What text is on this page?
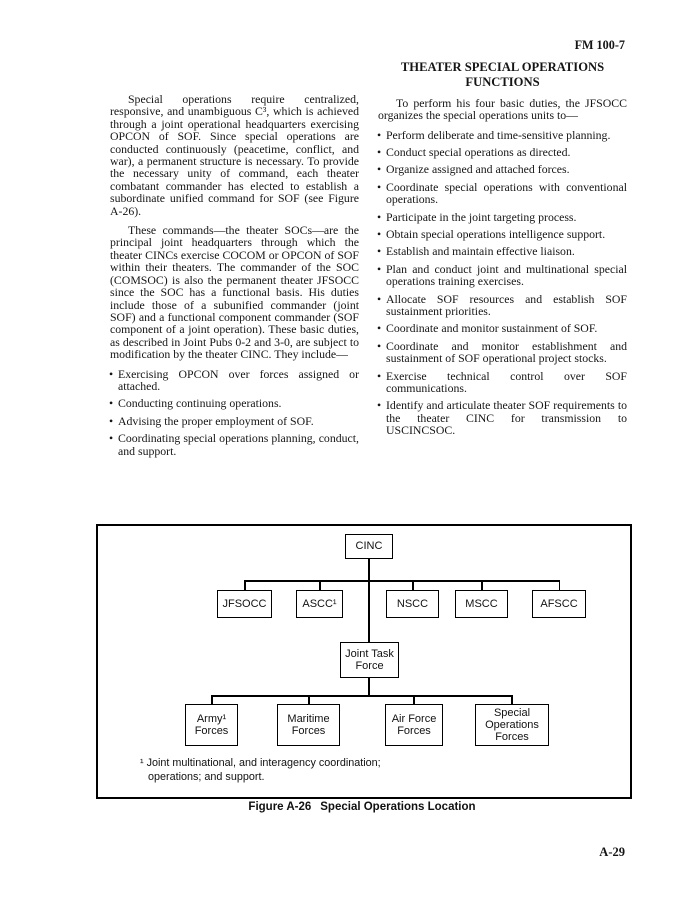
FM 100-7

Special operations require centralized, responsive, and unambiguous C³, which is achieved through a joint operational headquarters exercising OPCON of SOF. Since special operations are conducted continuously (peacetime, conflict, and war), a permanent structure is necessary. To provide the necessary unity of command, each theater combatant commander has elected to establish a subordinate unified command for SOF (see Figure A-26).

These commands—the theater SOCs—are the principal joint headquarters through which the theater CINCs exercise COCOM or OPCON of SOF within their theaters. The commander of the SOC (COMSOC) is also the permanent theater JFSOCC since the SOC has a functional basis. His duties include those of a subunified commander (joint SOF) and a functional component commander (SOF component of a joint operation). These basic duties, as described in Joint Pubs 0-2 and 3-0, are subject to modification by the theater CINC. They include—

• Exercising OPCON over forces assigned or attached.
• Conducting continuing operations.
• Advising the proper employment of SOF.
• Coordinating special operations planning, conduct, and support.
THEATER SPECIAL OPERATIONS
FUNCTIONS

To perform his four basic duties, the JFSOCC organizes the special operations units to—

• Perform deliberate and time-sensitive planning.
• Conduct special operations as directed.
• Organize assigned and attached forces.
• Coordinate special operations with conventional operations.
• Participate in the joint targeting process.
• Obtain special operations intelligence support.
• Establish and maintain effective liaison.
• Plan and conduct joint and multinational special operations training exercises.
• Allocate SOF resources and establish SOF sustainment priorities.
• Coordinate and monitor sustainment of SOF.
• Coordinate and monitor establishment and sustainment of SOF operational project stocks.
• Exercise technical control over SOF communications.
• Identify and articulate theater SOF requirements to the theater CINC for transmission to USCINCSOC.
CINC
JFSOCC	ASCC¹	NSCC	MSCC	AFSCC
Joint Task Force
Army¹ Forces
Maritime Forces
Air Force Forces
Special Operations Forces
¹ Joint multinational, and interagency coordination; operations; and support.
Figure A-26 Special Operations Location
A-29
